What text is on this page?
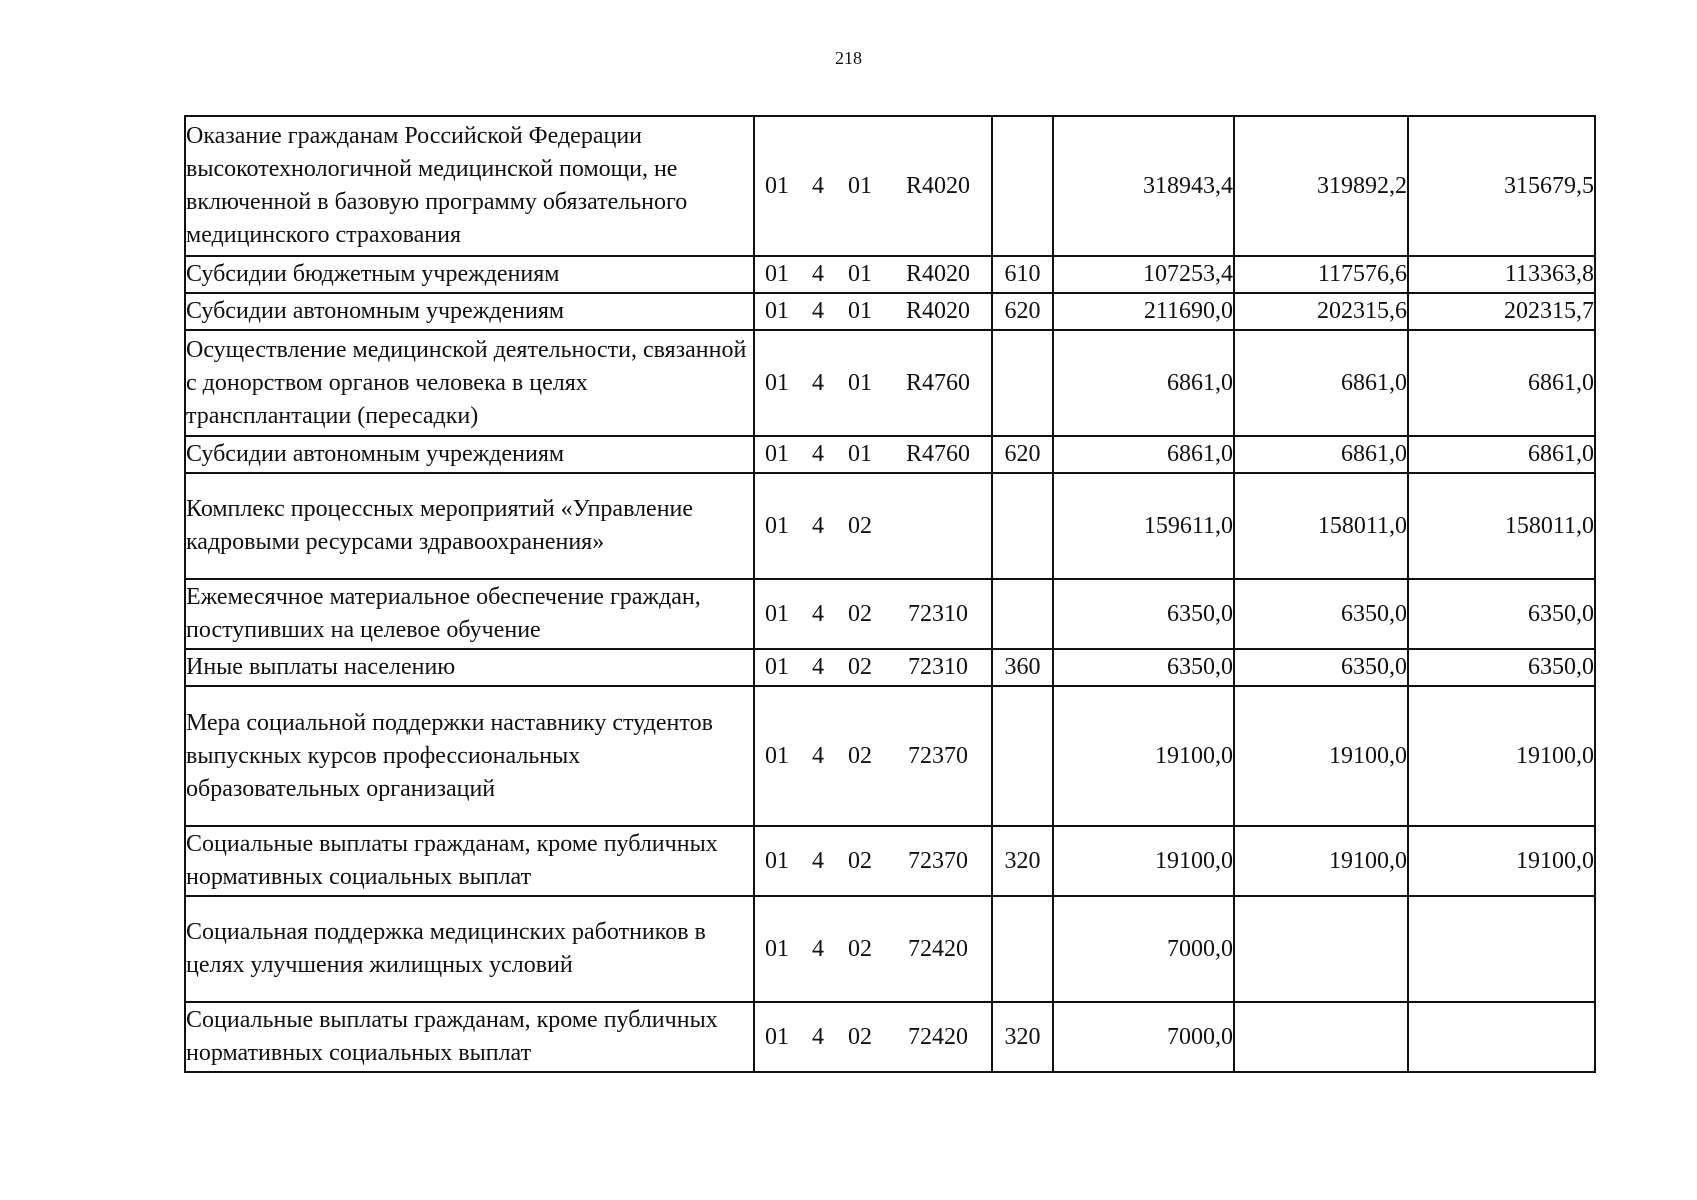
218
Оказание гражданам Российской Федерации высокотехнологичной медицинской помощи, не включенной в базовую программу обязательного медицинского страхования	01 4 01 R4020		318943,4	319892,2	315679,5
Субсидии бюджетным учреждениям	01 4 01 R4020	610	107253,4	117576,6	113363,8
Субсидии автономным учреждениям	01 4 01 R4020	620	211690,0	202315,6	202315,7
Осуществление медицинской деятельности, связанной с донорством органов человека в целях трансплантации (пересадки)	01 4 01 R4760		6861,0	6861,0	6861,0
Субсидии автономным учреждениям	01 4 01 R4760	620	6861,0	6861,0	6861,0
Комплекс процессных мероприятий «Управление кадровыми ресурсами здравоохранения»	01 4 02		159611,0	158011,0	158011,0
Ежемесячное материальное обеспечение граждан, поступивших на целевое обучение	01 4 02 72310		6350,0	6350,0	6350,0
Иные выплаты населению	01 4 02 72310	360	6350,0	6350,0	6350,0
Мера социальной поддержки наставнику студентов выпускных курсов профессиональных образовательных организаций	01 4 02 72370		19100,0	19100,0	19100,0
Социальные выплаты гражданам, кроме публичных нормативных социальных выплат	01 4 02 72370	320	19100,0	19100,0	19100,0
Социальная поддержка медицинских работников в целях улучшения жилищных условий	01 4 02 72420		7000,0		
Социальные выплаты гражданам, кроме публичных нормативных социальных выплат	01 4 02 72420	320	7000,0		
